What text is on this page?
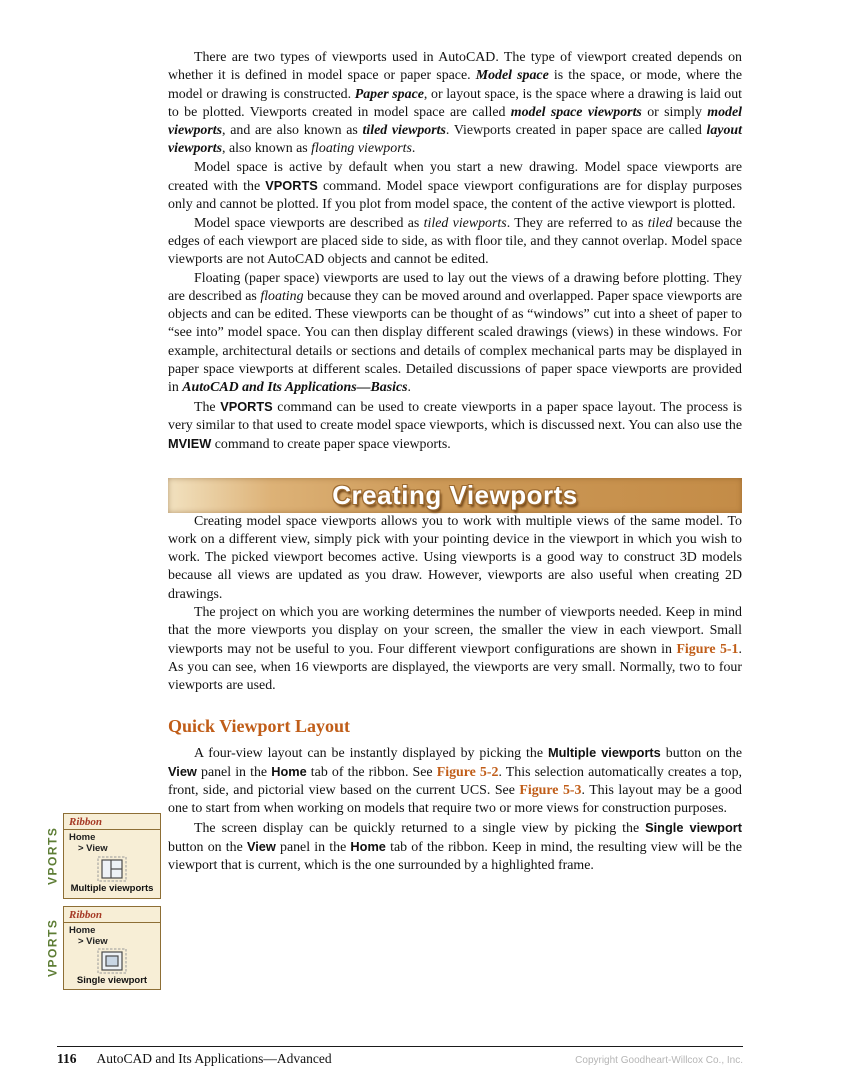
There are two types of viewports used in AutoCAD. The type of viewport created depends on whether it is defined in model space or paper space. Model space is the space, or mode, where the model or drawing is constructed. Paper space, or layout space, is the space where a drawing is laid out to be plotted. Viewports created in model space are called model space viewports or simply model viewports, and are also known as tiled viewports. Viewports created in paper space are called layout viewports, also known as floating viewports.

Model space is active by default when you start a new drawing. Model space viewports are created with the VPORTS command. Model space viewport configurations are for display purposes only and cannot be plotted. If you plot from model space, the content of the active viewport is plotted.

Model space viewports are described as tiled viewports. They are referred to as tiled because the edges of each viewport are placed side to side, as with floor tile, and they cannot overlap. Model space viewports are not AutoCAD objects and cannot be edited.

Floating (paper space) viewports are used to lay out the views of a drawing before plotting. They are described as floating because they can be moved around and overlapped. Paper space viewports are objects and can be edited. These viewports can be thought of as “windows” cut into a sheet of paper to “see into” model space. You can then display different scaled drawings (views) in these windows. For example, architectural details or sections and details of complex mechanical parts may be displayed in paper space viewports at different scales. Detailed discussions of paper space viewports are provided in AutoCAD and Its Applications—Basics.

The VPORTS command can be used to create viewports in a paper space layout. The process is very similar to that used to create model space viewports, which is discussed next. You can also use the MVIEW command to create paper space viewports.

Creating Viewports

Creating model space viewports allows you to work with multiple views of the same model. To work on a different view, simply pick with your pointing device in the viewport in which you wish to work. The picked viewport becomes active. Using viewports is a good way to construct 3D models because all views are updated as you draw. However, viewports are also useful when creating 2D drawings.

The project on which you are working determines the number of viewports needed. Keep in mind that the more viewports you display on your screen, the smaller the view in each viewport. Small viewports may not be useful to you. Four different viewport configurations are shown in Figure 5-1. As you can see, when 16 viewports are displayed, the viewports are very small. Normally, two to four viewports are used.

Quick Viewport Layout

A four-view layout can be instantly displayed by picking the Multiple viewports button on the View panel in the Home tab of the ribbon. See Figure 5-2. This selection automatically creates a top, front, side, and pictorial view based on the current UCS. See Figure 5-3. This layout may be a good one to start from when working on models that require two or more views for construction purposes.

The screen display can be quickly returned to a single view by picking the Single viewport button on the View panel in the Home tab of the ribbon. Keep in mind, the resulting view will be the viewport that is current, which is the one surrounded by a highlighted frame.

VPORTS
Ribbon
Home
> View
Multiple viewports
VPORTS
Ribbon
Home
> View
Single viewport
116 AutoCAD and Its Applications—Advanced	Copyright Goodheart-Willcox Co., Inc.
